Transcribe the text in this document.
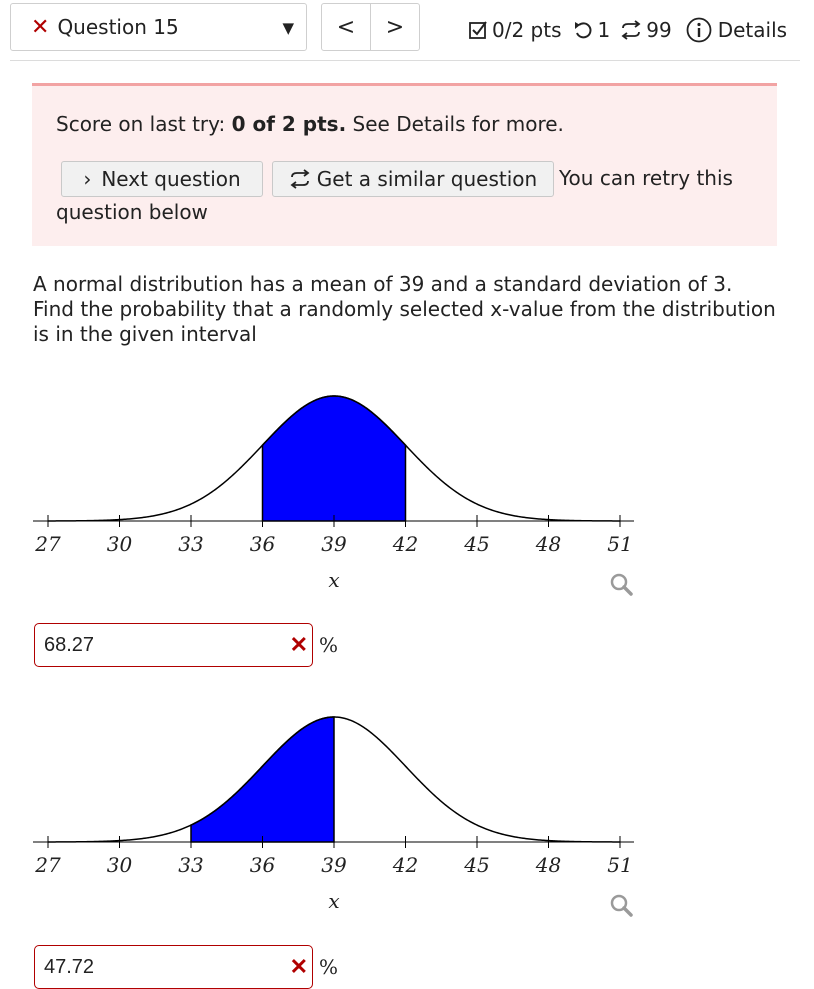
✕ Question 15	▼	<	>	0/2 pts 1 99 Details
Score on last try: 0 of 2 pts. See Details for more.
› Next question	Get a similar question You can retry this
question below
A normal distribution has a mean of 39 and a standard deviation of 3. Find the probability that a randomly selected x-value from the distribution is in the given interval
27 30 33 36 39 42 45 48 51
x
68.27	✕ %
27 30 33 36 39 42 45 48 51
x
47.72	✕ %
